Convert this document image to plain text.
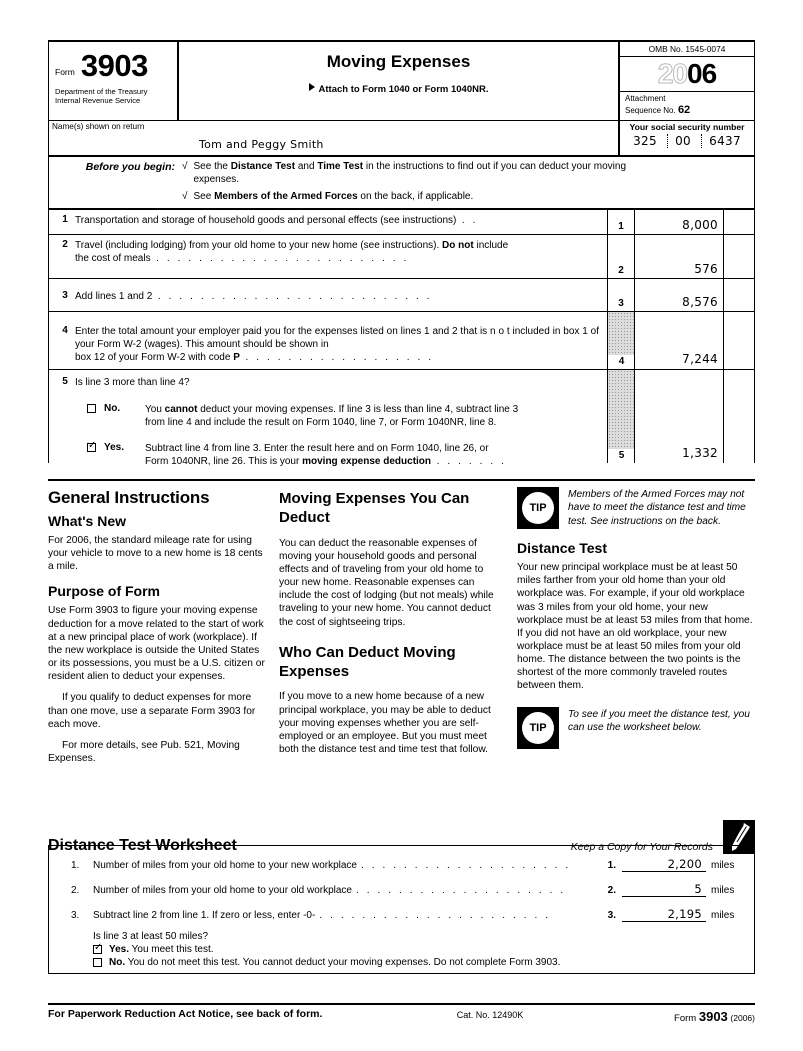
Form 3903
Department of the Treasury
Internal Revenue Service
Moving Expenses
Attach to Form 1040 or Form 1040NR.
OMB No. 1545-0074
2006
Attachment
Sequence No. 62
Name(s) shown on return
Tom and Peggy Smith
Your social security number
325	00	6437
Before you begin: √ See the Distance Test and Time Test in the instructions to find out if you can deduct your moving
expenses.
√ See Members of the Armed Forces on the back, if applicable.
1 Transportation and storage of household goods and personal effects (see instructions) . .
1	8,000
2 Travel (including lodging) from your old home to your new home (see instructions). Do not include
the cost of meals . . . . . . . . . . . . . . . . . . . . . . . .
2	576
3 Add lines 1 and 2 . . . . . . . . . . . . . . . . . . . . . . . . . .
3	8,576
4 Enter the total amount your employer paid you for the expenses listed on lines 1 and 2 that is n o t included in box 1 of your Form W-2 (wages). This amount should be shown in
box 12 of your Form W-2 with code P . . . . . . . . . . . . . . . . . .	4	7,244
5 Is line 3 more than line 4?
No.	You cannot deduct your moving expenses. If line 3 is less than line 4, subtract line 3
from line 4 and include the result on Form 1040, line 7, or Form 1040NR, line 8.
✓
Yes.	Subtract line 4 from line 3. Enter the result here and on Form 1040, line 26, or
Form 1040NR, line 26. This is your moving expense deduction . . . . . . .
5	1,332
General Instructions
What's New

For 2006, the standard mileage rate for using your vehicle to move to a new home is 18 cents a mile.

Purpose of Form

Use Form 3903 to figure your moving expense deduction for a move related to the start of work at a new principal place of work (workplace). If the new workplace is outside the United States or its possessions, you must be a U.S. citizen or resident alien to deduct your expenses.

If you qualify to deduct expenses for more than one move, use a separate Form 3903 for each move.

For more details, see Pub. 521, Moving Expenses.

Moving Expenses You Can Deduct

You can deduct the reasonable expenses of moving your household goods and personal effects and of traveling from your old home to your new home. Reasonable expenses can include the cost of lodging (but not meals) while traveling to your new home. You cannot deduct the cost of sightseeing trips.

Who Can Deduct Moving Expenses

If you move to a new home because of a new principal workplace, you may be able to deduct your moving expenses whether you are self-employed or an employee. But you must meet both the distance test and time test that follow.

TIP
Members of the Armed Forces may not have to meet the distance test and time test. See instructions on the back.
Distance Test

Your new principal workplace must be at least 50 miles farther from your old home than your old workplace was. For example, if your old workplace was 3 miles from your old home, your new workplace must be at least 53 miles from that home. If you did not have an old workplace, your new workplace must be at least 50 miles from your old home. The distance between the two points is the shortest of the more commonly traveled routes between them.

TIP
To see if you meet the distance test, you can use the worksheet below.
Distance Test Worksheet	Keep a Copy for Your Records
1.	Number of miles from your old home to your new workplace . . . . . . . . . . . . . . . . . . . .	1.	2,200 miles
2.	Number of miles from your old home to your old workplace . . . . . . . . . . . . . . . . . . . .	2.	5 miles
3.	Subtract line 2 from line 1. If zero or less, enter -0- . . . . . . . . . . . . . . . . . . . . . .	3.	2,195 miles
Is line 3 at least 50 miles?
✓
Yes. You meet this test.
No. You do not meet this test. You cannot deduct your moving expenses. Do not complete Form 3903.
For Paperwork Reduction Act Notice, see back of form.	Cat. No. 12490K	Form 3903 (2006)
